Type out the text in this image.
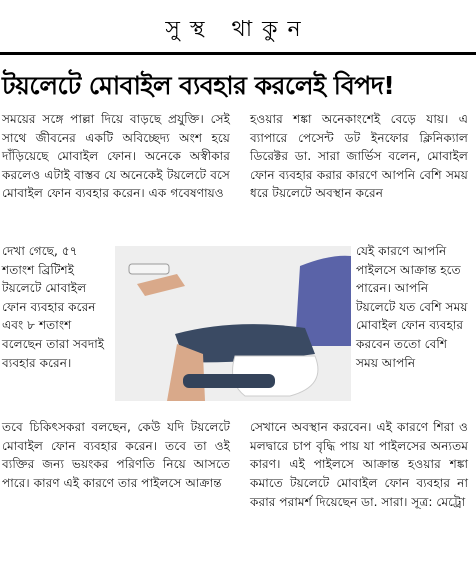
সুস্থ থাকুন
টয়লেটে মোবাইল ব্যবহার করলেই বিপদ!

সময়ের সঙ্গে পাল্লা দিয়ে বাড়ছে প্রযুক্তি। সেই সাথে জীবনের একটি অবিচ্ছেদ্য অংশ হয়ে দাঁড়িয়েছে মোবাইল ফোন। অনেকে অস্বীকার করলেও এটাই বাস্তব যে অনেকেই টয়লেটে বসে মোবাইল ফোন ব্যবহার করেন। এক গবেষণায়ও

হওয়ার শঙ্কা অনেকাংশেই বেড়ে যায়। এ ব্যাপারে পেসেন্ট ডট ইনফোর ক্লিনিক্যাল ডিরেক্টর ডা. সারা জার্ভিস বলেন, মোবাইল ফোন ব্যবহার করার কারণে আপনি বেশি সময় ধরে টয়লেটে অবস্থান করেন

দেখা গেছে, ৫৭ শতাংশ ব্রিটিশই টয়লেটে মোবাইল ফোন ব্যবহার করেন এবং ৮ শতাংশ বলেছেন তারা সবদাই ব্যবহার করেন।
যেই কারণে আপনি পাইলসে আক্রান্ত হতে পারেন। আপনি টয়লেটে যত বেশি সময় মোবাইল ফোন ব্যবহার করবেন ততো বেশি সময় আপনি

তবে চিকিৎসকরা বলছেন, কেউ যদি টয়লেটে মোবাইল ফোন ব্যবহার করেন। তবে তা ওই ব্যক্তির জন্য ভয়ংকর পরিণতি নিয়ে আসতে পারে। কারণ এই কারণে তার পাইলসে আক্রান্ত

সেখানে অবস্থান করবেন। এই কারণে শিরা ও মলদ্বারে চাপ বৃদ্ধি পায় যা পাইলসের অন্যতম কারণ। এই পাইলসে আক্রান্ত হওয়ার শঙ্কা কমাতে টয়লেটে মোবাইল ফোন ব্যবহার না করার পরামর্শ দিয়েছেন ডা. সারা। সূত্র: মেট্রো
